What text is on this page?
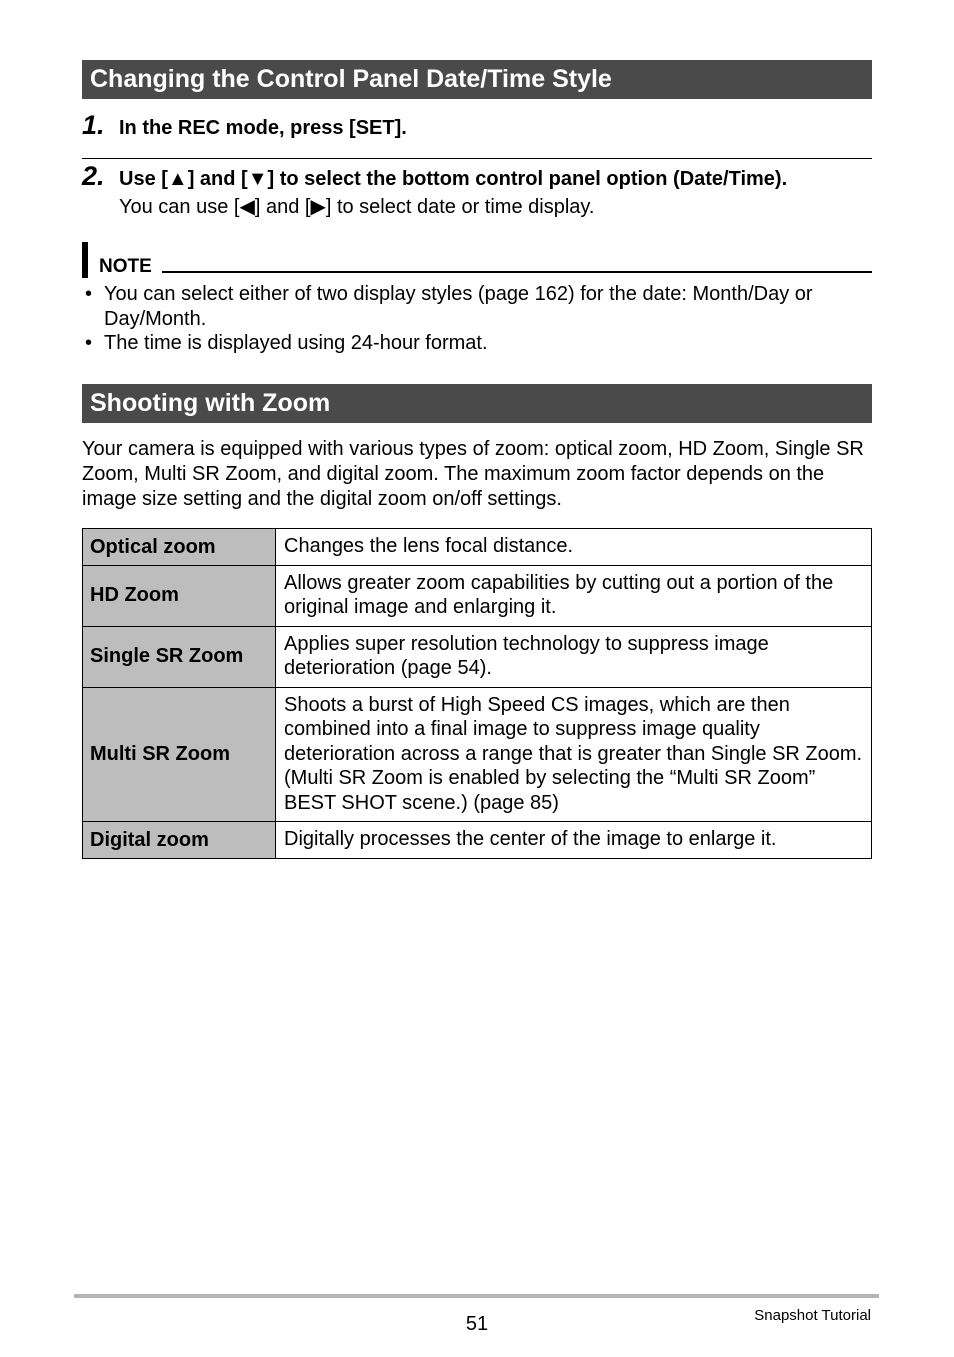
Changing the Control Panel Date/Time Style
1. In the REC mode, press [SET].
2. Use [▲] and [▼] to select the bottom control panel option (Date/Time).
You can use [◀] and [▶] to select date or time display.
NOTE
• You can select either of two display styles (page 162) for the date: Month/Day or Day/Month.
• The time is displayed using 24-hour format.
Shooting with Zoom
Your camera is equipped with various types of zoom: optical zoom, HD Zoom, Single SR Zoom, Multi SR Zoom, and digital zoom. The maximum zoom factor depends on the image size setting and the digital zoom on/off settings.
Optical zoom	Changes the lens focal distance.
HD Zoom	Allows greater zoom capabilities by cutting out a portion of the original image and enlarging it.
Single SR Zoom	Applies super resolution technology to suppress image deterioration (page 54).
Multi SR Zoom	Shoots a burst of High Speed CS images, which are then combined into a final image to suppress image quality deterioration across a range that is greater than Single SR Zoom. (Multi SR Zoom is enabled by selecting the “Multi SR Zoom” BEST SHOT scene.) (page 85)
Digital zoom	Digitally processes the center of the image to enlarge it.
51	Snapshot Tutorial
